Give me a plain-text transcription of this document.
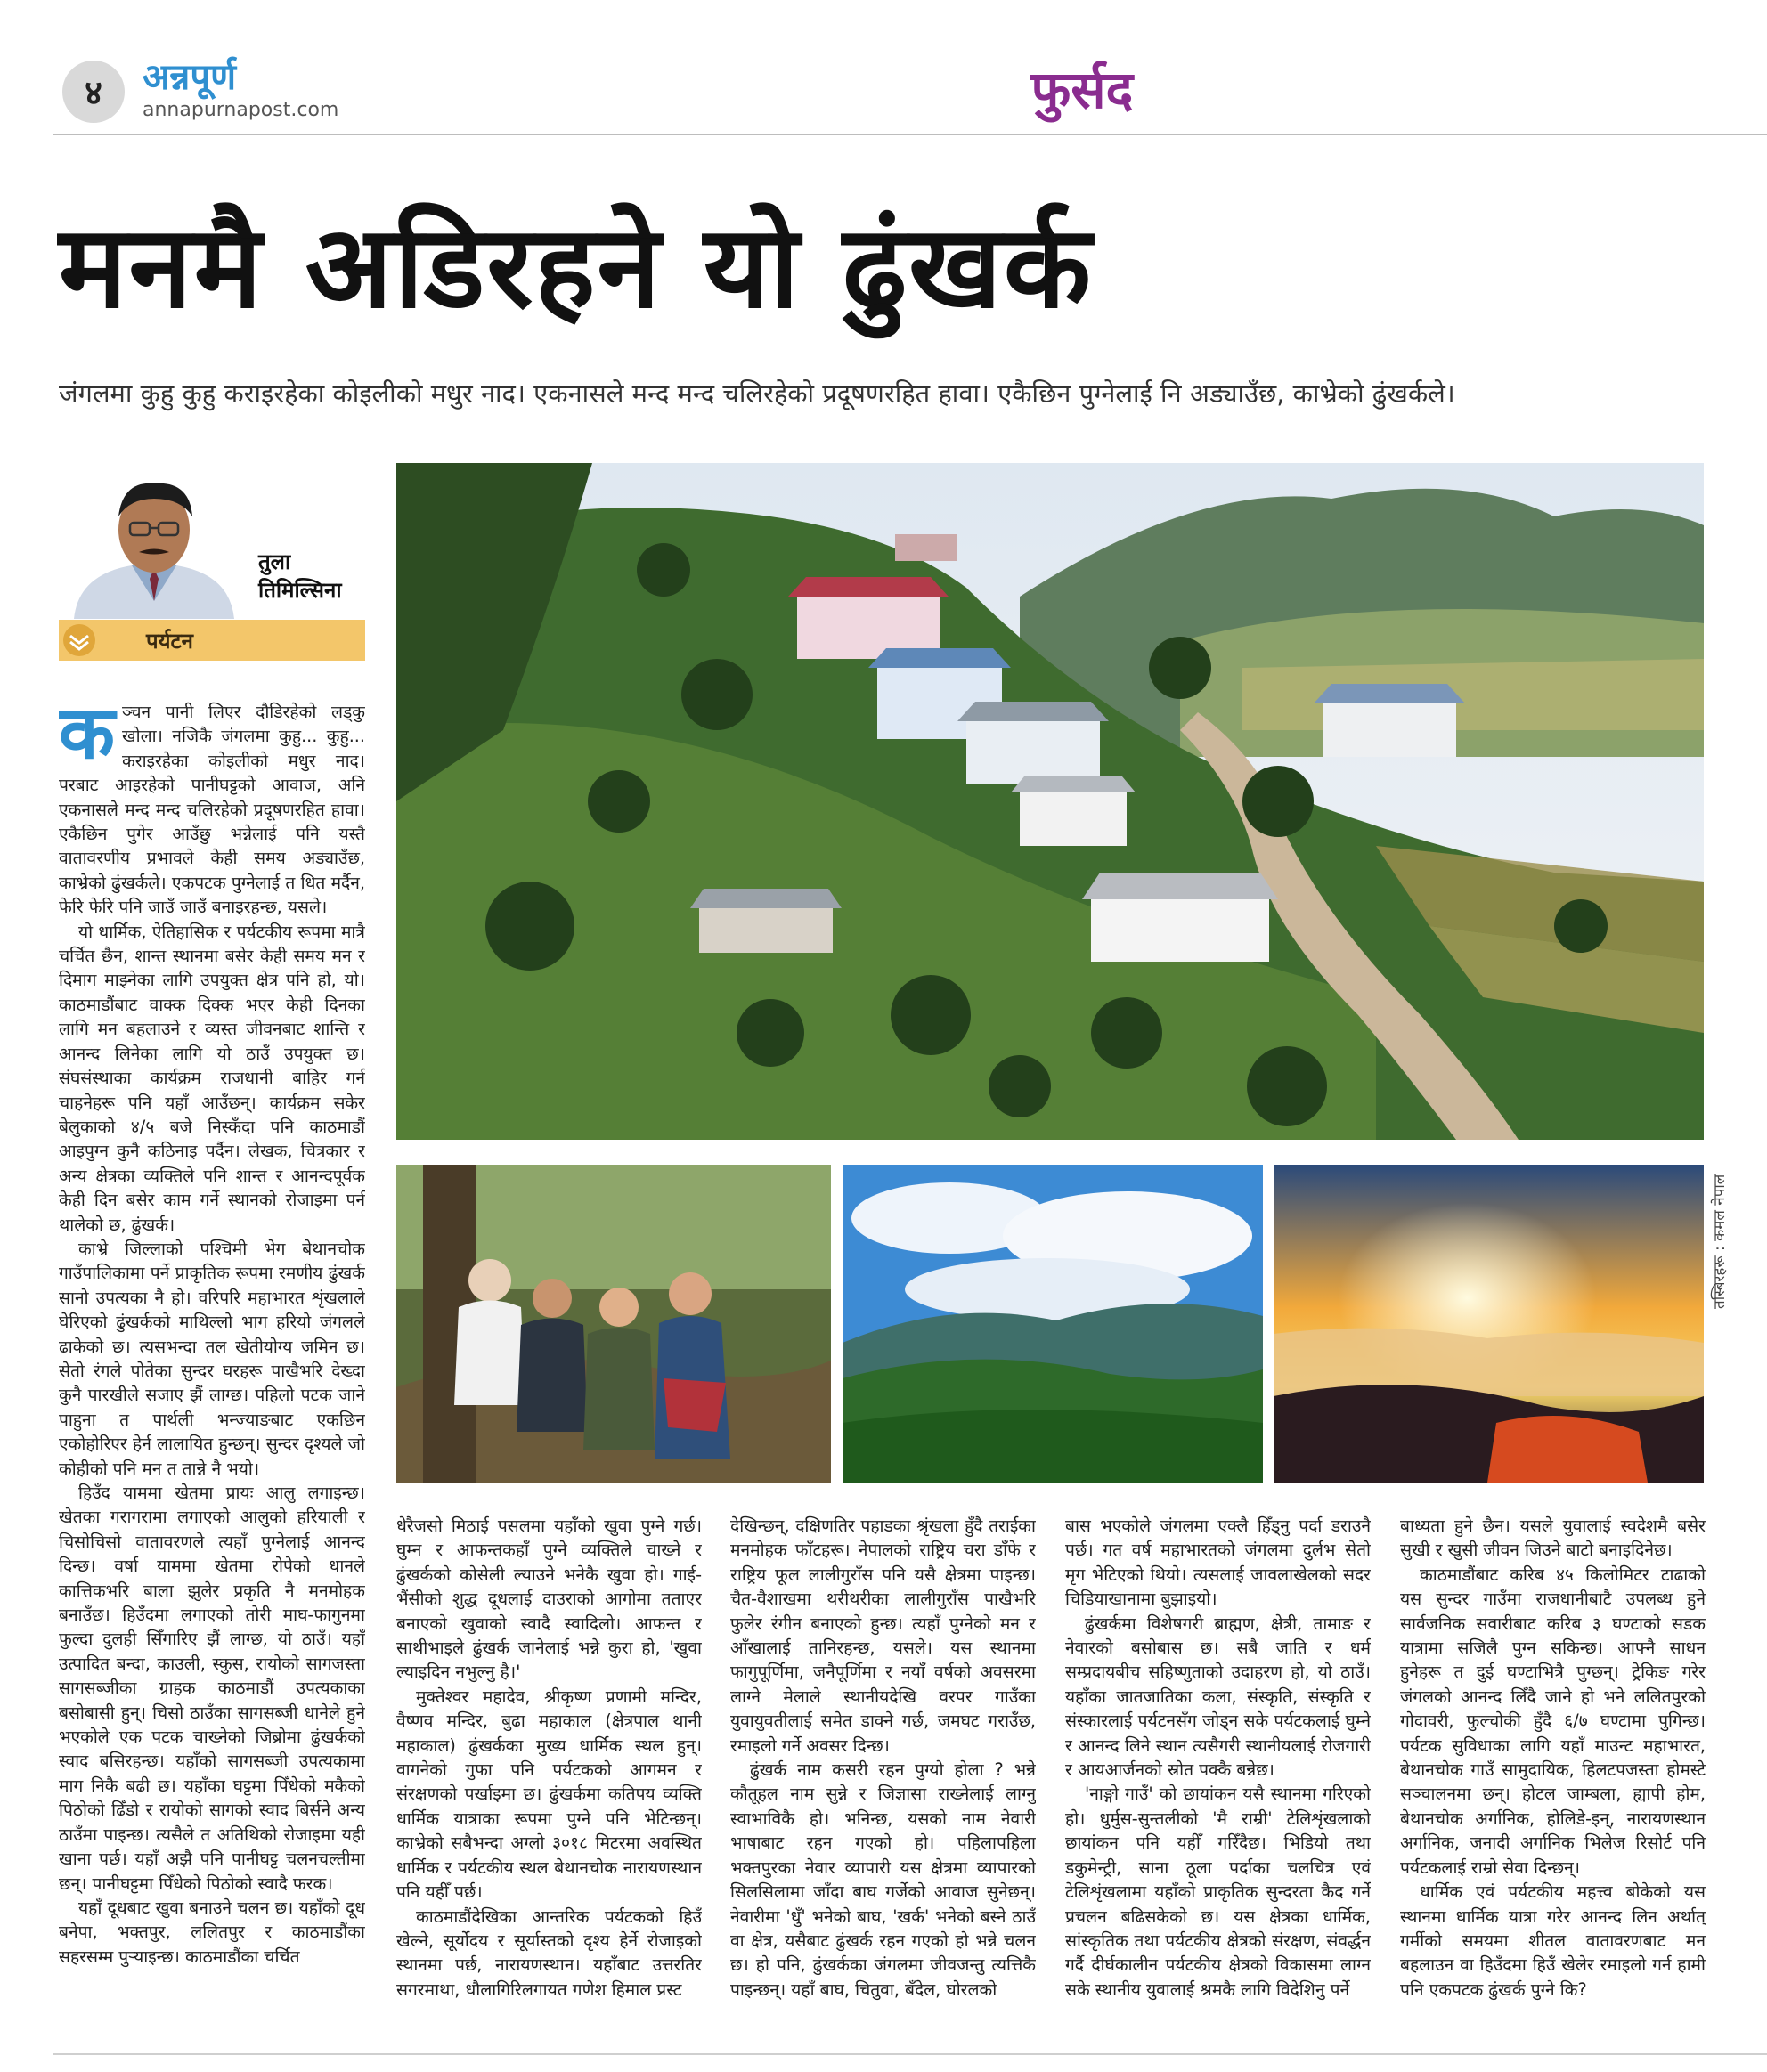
४	अन्नपूर्ण
annapurnapost.com	फुर्सद
मनमै अडिरहने यो ढुंखर्क
जंगलमा कुहु कुहु कराइरहेका कोइलीको मधुर नाद। एकनासले मन्द मन्द चलिरहेको प्रदूषणरहित हावा। एकैछिन पुग्नेलाई नि अड्याउँछ, काभ्रेको ढुंखर्कले।
तुला
तिमिल्सिना
पर्यटन

कञ्चन पानी लिएर दौडिरहेको लड्कु खोला। नजिकै जंगलमा कुहु... कुहु... कराइरहेका कोइलीको मधुर नाद। परबाट आइरहेको पानीघट्टको आवाज, अनि एकनासले मन्द मन्द चलिरहेको प्रदूषणरहित हावा। एकैछिन पुगेर आउँछु भन्नेलाई पनि यस्तै वातावरणीय प्रभावले केही समय अड्याउँछ, काभ्रेको ढुंखर्कले। एकपटक पुग्नेलाई त धित मर्दैन, फेरि फेरि पनि जाउँ जाउँ बनाइरहन्छ, यसले।

यो धार्मिक, ऐतिहासिक र पर्यटकीय रूपमा मात्रै चर्चित छैन, शान्त स्थानमा बसेर केही समय मन र दिमाग माझ्नेका लागि उपयुक्त क्षेत्र पनि हो, यो। काठमाडौंबाट वाक्क दिक्क भएर केही दिनका लागि मन बहलाउने र व्यस्त जीवनबाट शान्ति र आनन्द लिनेका लागि यो ठाउँ उपयुक्त छ। संघसंस्थाका कार्यक्रम राजधानी बाहिर गर्न चाहनेहरू पनि यहाँ आउँछन्। कार्यक्रम सकेर बेलुकाको ४/५ बजे निस्कँदा पनि काठमाडौं आइपुग्न कुनै कठिनाइ पर्दैन। लेखक, चित्रकार र अन्य क्षेत्रका व्यक्तिले पनि शान्त र आनन्दपूर्वक केही दिन बसेर काम गर्ने स्थानको रोजाइमा पर्न थालेको छ, ढुंखर्क।

काभ्रे जिल्लाको पश्चिमी भेग बेथानचोक गाउँपालिकामा पर्ने प्राकृतिक रूपमा रमणीय ढुंखर्क सानो उपत्यका नै हो। वरिपरि महाभारत शृंखलाले घेरिएको ढुंखर्कको माथिल्लो भाग हरियो जंगलले ढाकेको छ। त्यसभन्दा तल खेतीयोग्य जमिन छ। सेतो रंगले पोतेका सुन्दर घरहरू पाखैभरि देख्दा कुनै पारखीले सजाए झैं लाग्छ। पहिलो पटक जाने पाहुना त पार्थली भन्ज्याङबाट एकछिन एकोहोरिएर हेर्न लालायित हुन्छन्। सुन्दर दृश्यले जो कोहीको पनि मन त तान्ने नै भयो।

हिउँद याममा खेतमा प्रायः आलु लगाइन्छ। खेतका गरागरामा लगाएको आलुको हरियाली र चिसोचिसो वातावरणले त्यहाँ पुग्नेलाई आनन्द दिन्छ। वर्षा याममा खेतमा रोपेको धानले कात्तिकभरि बाला झुलेर प्रकृति नै मनमोहक बनाउँछ। हिउँदमा लगाएको तोरी माघ-फागुनमा फुल्दा दुलही सिँगारिए झैं लाग्छ, यो ठाउँ। यहाँ उत्पादित बन्दा, काउली, स्कुस, रायोको सागजस्ता सागसब्जीका ग्राहक काठमाडौं उपत्यकाका बसोबासी हुन्। चिसो ठाउँका सागसब्जी धानेले हुने भएकोले एक पटक चाख्नेको जिब्रोमा ढुंखर्कको स्वाद बसिरहन्छ। यहाँको सागसब्जी उपत्यकामा माग निकै बढी छ। यहाँका घट्टमा पिँधेको मकैको पिठोको ढिँडो र रायोको सागको स्वाद बिर्सने अन्य ठाउँमा पाइन्छ। त्यसैले त अतिथिको रोजाइमा यही खाना पर्छ। यहाँ अझै पनि पानीघट्ट चलनचल्तीमा छन्। पानीघट्टमा पिँधेको पिठोको स्वादै फरक।

यहाँ दूधबाट खुवा बनाउने चलन छ। यहाँको दूध बनेपा, भक्तपुर, ललितपुर र काठमाडौंका सहरसम्म पुऱ्याइन्छ। काठमाडौंका चर्चित

तस्बिरहरू : कमल नेपाल

धेरैजसो मिठाई पसलमा यहाँको खुवा पुग्ने गर्छ। घुम्न र आफन्तकहाँ पुग्ने व्यक्तिले चाख्ने र ढुंखर्कको कोसेली ल्याउने भनेकै खुवा हो। गाई-भैंसीको शुद्ध दूधलाई दाउराको आगोमा तताएर बनाएको खुवाको स्वादै स्वादिलो। आफन्त र साथीभाइले ढुंखर्क जानेलाई भन्ने कुरा हो, 'खुवा ल्याइदिन नभुल्नु है।'

मुक्तेश्वर महादेव, श्रीकृष्ण प्रणामी मन्दिर, वैष्णव मन्दिर, बुढा महाकाल (क्षेत्रपाल थानी महाकाल) ढुंखर्कका मुख्य धार्मिक स्थल हुन्। वागनेको गुफा पनि पर्यटकको आगमन र संरक्षणको पर्खाइमा छ। ढुंखर्कमा कतिपय व्यक्ति धार्मिक यात्राका रूपमा पुग्ने पनि भेटिन्छन्। काभ्रेको सबैभन्दा अग्लो ३०१८ मिटरमा अवस्थित धार्मिक र पर्यटकीय स्थल बेथानचोक नारायणस्थान पनि यहीँ पर्छ।

काठमाडौंदेखिका आन्तरिक पर्यटकको हिउँ खेल्ने, सूर्योदय र सूर्यास्तको दृश्य हेर्ने रोजाइको स्थानमा पर्छ, नारायणस्थान। यहाँबाट उत्तरतिर सगरमाथा, धौलागिरिलगायत गणेश हिमाल प्रस्ट

देखिन्छन्, दक्षिणतिर पहाडका श्रृंखला हुँदै तराईका मनमोहक फाँटहरू। नेपालको राष्ट्रिय चरा डाँफे र राष्ट्रिय फूल लालीगुराँस पनि यसै क्षेत्रमा पाइन्छ। चैत-वैशाखमा थरीथरीका लालीगुराँस पाखैभरि फुलेर रंगीन बनाएको हुन्छ। त्यहाँ पुग्नेको मन र आँखालाई तानिरहन्छ, यसले। यस स्थानमा फागुपूर्णिमा, जनैपूर्णिमा र नयाँ वर्षको अवसरमा लाग्ने मेलाले स्थानीयदेखि वरपर गाउँका युवायुवतीलाई समेत डाक्ने गर्छ, जमघट गराउँछ, रमाइलो गर्ने अवसर दिन्छ।

ढुंखर्क नाम कसरी रहन पुग्यो होला ? भन्ने कौतूहल नाम सुन्ने र जिज्ञासा राख्नेलाई लाग्नु स्वाभाविकै हो। भनिन्छ, यसको नाम नेवारी भाषाबाट रहन गएको हो। पहिलापहिला भक्तपुरका नेवार व्यापारी यस क्षेत्रमा व्यापारको सिलसिलामा जाँदा बाघ गर्जेको आवाज सुनेछन्। नेवारीमा 'धुँ' भनेको बाघ, 'खर्क' भनेको बस्ने ठाउँ वा क्षेत्र, यसैबाट ढुंखर्क रहन गएको हो भन्ने चलन छ। हो पनि, ढुंखर्कका जंगलमा जीवजन्तु त्यत्तिकै पाइन्छन्। यहाँ बाघ, चितुवा, बँदेल, घोरलको

बास भएकोले जंगलमा एक्लै हिँड्नु पर्दा डराउनै पर्छ। गत वर्ष महाभारतको जंगलमा दुर्लभ सेतो मृग भेटिएको थियो। त्यसलाई जावलाखेलको सदर चिडियाखानामा बुझाइयो।

ढुंखर्कमा विशेषगरी ब्राह्मण, क्षेत्री, तामाङ र नेवारको बसोबास छ। सबै जाति र धर्म सम्प्रदायबीच सहिष्णुताको उदाहरण हो, यो ठाउँ। यहाँका जातजातिका कला, संस्कृति, संस्कृति र संस्कारलाई पर्यटनसँग जोड्न सके पर्यटकलाई घुम्ने र आनन्द लिने स्थान त्यसैगरी स्थानीयलाई रोजगारी र आयआर्जनको स्रोत पक्कै बन्नेछ।

'नाङ्गो गाउँ' को छायांकन यसै स्थानमा गरिएको हो। धुर्मुस-सुन्तलीको 'मै राम्री' टेलिशृंखलाको छायांकन पनि यहीँ गरिँदैछ। भिडियो तथा डकुमेन्ट्री, साना ठूला पर्दाका चलचित्र एवं टेलिशृंखलामा यहाँको प्राकृतिक सुन्दरता कैद गर्ने प्रचलन बढिसकेको छ। यस क्षेत्रका धार्मिक, सांस्कृतिक तथा पर्यटकीय क्षेत्रको संरक्षण, संवर्द्धन गर्दै दीर्घकालीन पर्यटकीय क्षेत्रको विकासमा लाग्न सके स्थानीय युवालाई श्रमकै लागि विदेशिनु पर्ने

बाध्यता हुने छैन। यसले युवालाई स्वदेशमै बसेर सुखी र खुसी जीवन जिउने बाटो बनाइदिनेछ।

काठमाडौंबाट करिब ४५ किलोमिटर टाढाको यस सुन्दर गाउँमा राजधानीबाटै उपलब्ध हुने सार्वजनिक सवारीबाट करिब ३ घण्टाको सडक यात्रामा सजिलै पुग्न सकिन्छ। आफ्नै साधन हुनेहरू त दुई घण्टाभित्रै पुग्छन्। ट्रेकिङ गरेर जंगलको आनन्द लिँदै जाने हो भने ललितपुरको गोदावरी, फुल्चोकी हुँदै ६/७ घण्टामा पुगिन्छ। पर्यटक सुविधाका लागि यहाँ माउन्ट महाभारत, बेथानचोक गाउँ सामुदायिक, हिलटपजस्ता होमस्टे सञ्चालनमा छन्। होटल जाम्बला, ह्यापी होम, बेथानचोक अर्गानिक, होलिडे-इन्, नारायणस्थान अर्गानिक, जनादी अर्गानिक भिलेज रिसोर्ट पनि पर्यटकलाई राम्रो सेवा दिन्छन्।

धार्मिक एवं पर्यटकीय महत्त्व बोकेको यस स्थानमा धार्मिक यात्रा गरेर आनन्द लिन अर्थात् गर्मीको समयमा शीतल वातावरणबाट मन बहलाउन वा हिउँदमा हिउँ खेलेर रमाइलो गर्न हामी पनि एकपटक ढुंखर्क पुग्ने कि?
